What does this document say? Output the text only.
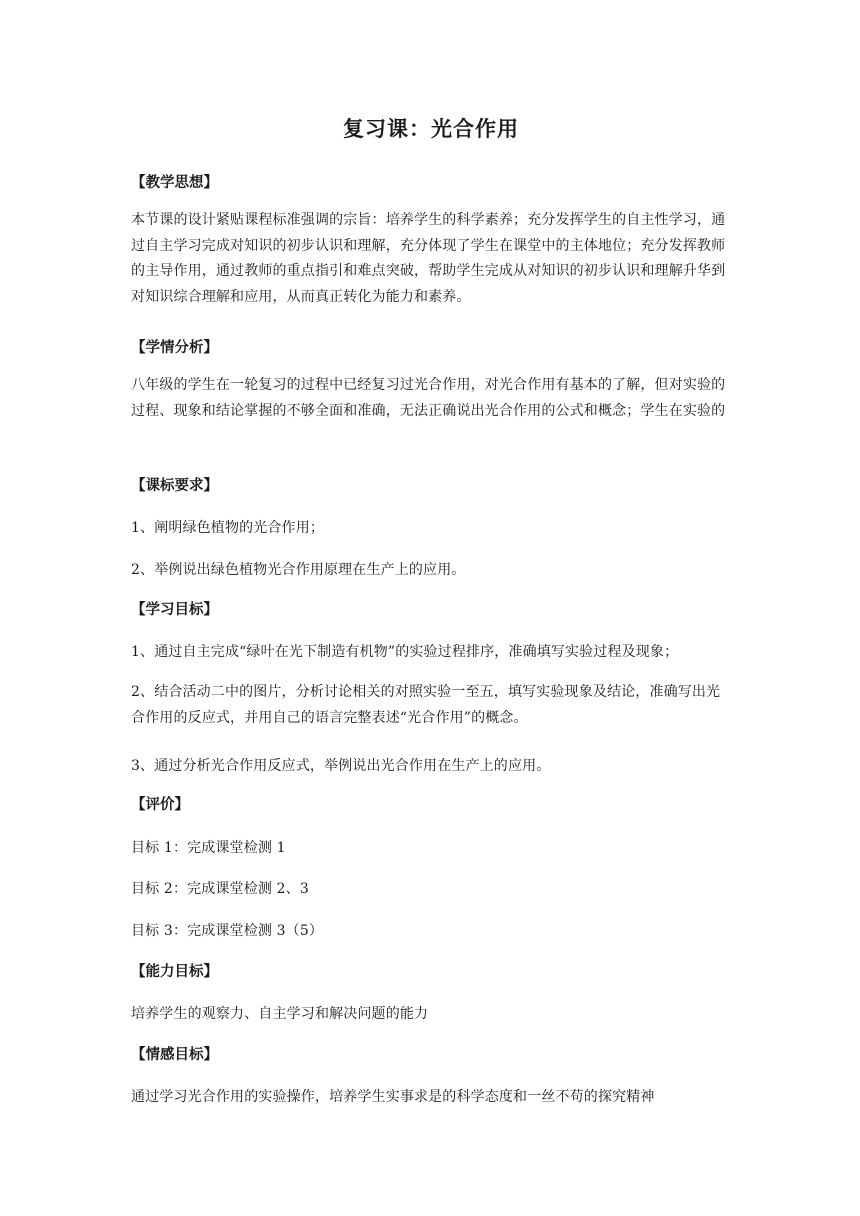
复习课：光合作用
【教学思想】
本节课的设计紧贴课程标准强调的宗旨：培养学生的科学素养；充分发挥学生的自主性学习，通过自主学习完成对知识的初步认识和理解，充分体现了学生在课堂中的主体地位；充分发挥教师的主导作用，通过教师的重点指引和难点突破，帮助学生完成从对知识的初步认识和理解升华到对知识综合理解和应用，从而真正转化为能力和素养。
【学情分析】
八年级的学生在一轮复习的过程中已经复习过光合作用，对光合作用有基本的了解，但对实验的过程、现象和结论掌握的不够全面和准确，无法正确说出光合作用的公式和概念；学生在实验的
【课标要求】
1、阐明绿色植物的光合作用；
2、举例说出绿色植物光合作用原理在生产上的应用。
【学习目标】
1、通过自主完成“绿叶在光下制造有机物”的实验过程排序，准确填写实验过程及现象；
2、结合活动二中的图片，分析讨论相关的对照实验一至五，填写实验现象及结论，准确写出光合作用的反应式，并用自己的语言完整表述“光合作用”的概念。
3、通过分析光合作用反应式，举例说出光合作用在生产上的应用。
【评价】
目标 1：完成课堂检测 1
目标 2：完成课堂检测 2、3
目标 3：完成课堂检测 3（5）
【能力目标】
培养学生的观察力、自主学习和解决问题的能力
【情感目标】
通过学习光合作用的实验操作，培养学生实事求是的科学态度和一丝不苟的探究精神
